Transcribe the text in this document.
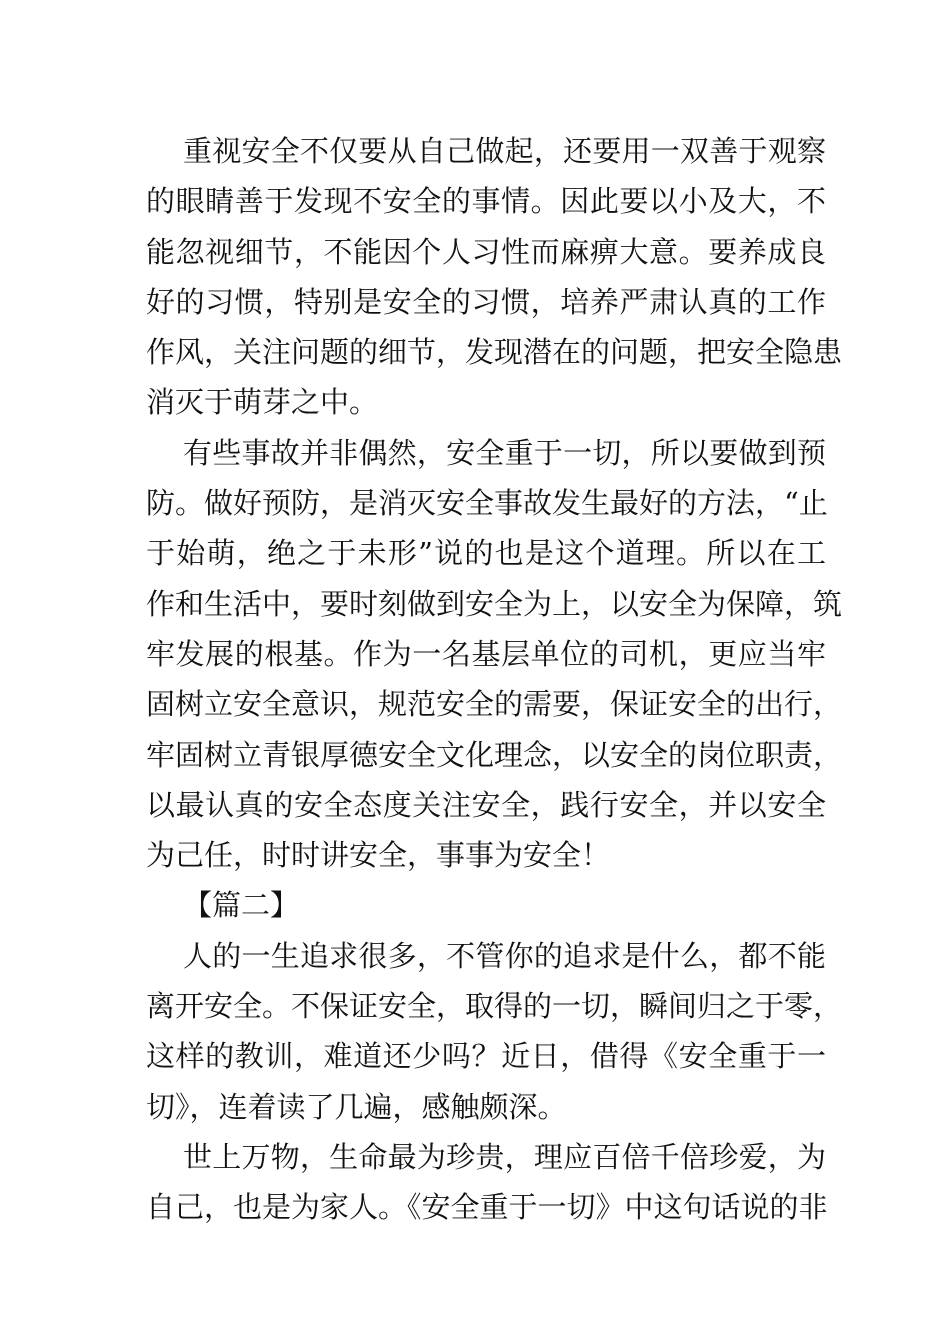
重视安全不仅要从自己做起，还要用一双善于观察
的眼睛善于发现不安全的事情。因此要以小及大，不
能忽视细节，不能因个人习性而麻痹大意。要养成良
好的习惯，特别是安全的习惯，培养严肃认真的工作
作风，关注问题的细节，发现潜在的问题，把安全隐患
消灭于萌芽之中。
有些事故并非偶然，安全重于一切，所以要做到预
防。做好预防，是消灭安全事故发生最好的方法，“止
于始萌，绝之于未形”说的也是这个道理。所以在工
作和生活中，要时刻做到安全为上，以安全为保障，筑
牢发展的根基。作为一名基层单位的司机，更应当牢
固树立安全意识，规范安全的需要，保证安全的出行，
牢固树立青银厚德安全文化理念，以安全的岗位职责，
以最认真的安全态度关注安全，践行安全，并以安全
为己任，时时讲安全，事事为安全！
【篇二】
人的一生追求很多，不管你的追求是什么，都不能
离开安全。不保证安全，取得的一切，瞬间归之于零，
这样的教训，难道还少吗？近日，借得《安全重于一
切》，连着读了几遍，感触颇深。
世上万物，生命最为珍贵，理应百倍千倍珍爱，为
自己，也是为家人。《安全重于一切》中这句话说的非
